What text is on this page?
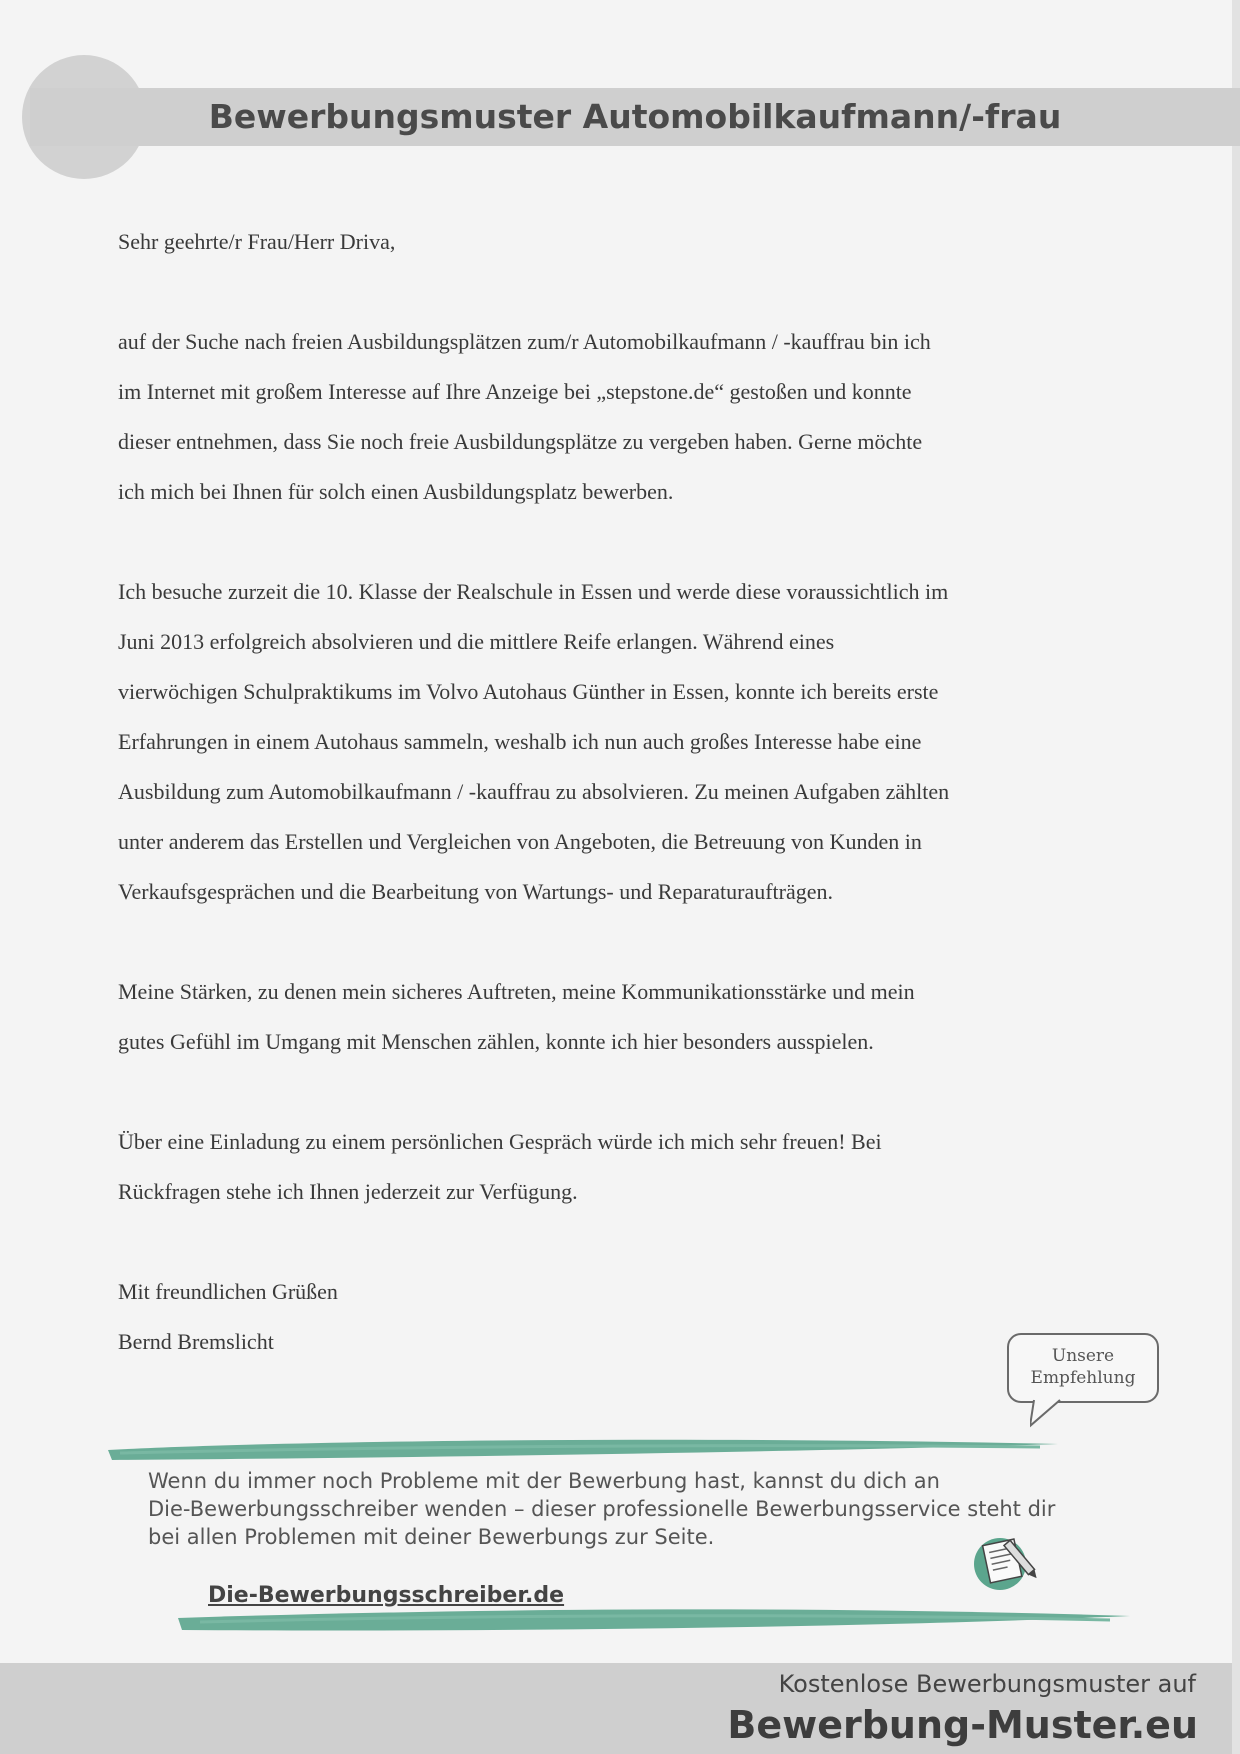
Bewerbungsmuster Automobilkaufmann/-frau
Sehr geehrte/r Frau/Herr Driva,
auf der Suche nach freien Ausbildungsplätzen zum/r Automobilkaufmann / -kauffrau bin ich
im Internet mit großem Interesse auf Ihre Anzeige bei „stepstone.de“ gestoßen und konnte
dieser entnehmen, dass Sie noch freie Ausbildungsplätze zu vergeben haben. Gerne möchte
ich mich bei Ihnen für solch einen Ausbildungsplatz bewerben.
Ich besuche zurzeit die 10. Klasse der Realschule in Essen und werde diese voraussichtlich im
Juni 2013 erfolgreich absolvieren und die mittlere Reife erlangen. Während eines
vierwöchigen Schulpraktikums im Volvo Autohaus Günther in Essen, konnte ich bereits erste
Erfahrungen in einem Autohaus sammeln, weshalb ich nun auch großes Interesse habe eine
Ausbildung zum Automobilkaufmann / -kauffrau zu absolvieren. Zu meinen Aufgaben zählten
unter anderem das Erstellen und Vergleichen von Angeboten, die Betreuung von Kunden in
Verkaufsgesprächen und die Bearbeitung von Wartungs- und Reparaturaufträgen.
Meine Stärken, zu denen mein sicheres Auftreten, meine Kommunikationsstärke und mein
gutes Gefühl im Umgang mit Menschen zählen, konnte ich hier besonders ausspielen.
Über eine Einladung zu einem persönlichen Gespräch würde ich mich sehr freuen! Bei
Rückfragen stehe ich Ihnen jederzeit zur Verfügung.
Mit freundlichen Grüßen
Bernd Bremslicht
Unsere
Empfehlung
Wenn du immer noch Probleme mit der Bewerbung hast, kannst du dich an
Die-Bewerbungsschreiber wenden – dieser professionelle Bewerbungsservice steht dir
bei allen Problemen mit deiner Bewerbungs zur Seite.
Die-Bewerbungsschreiber.de
Kostenlose Bewerbungsmuster auf
Bewerbung-Muster.eu
